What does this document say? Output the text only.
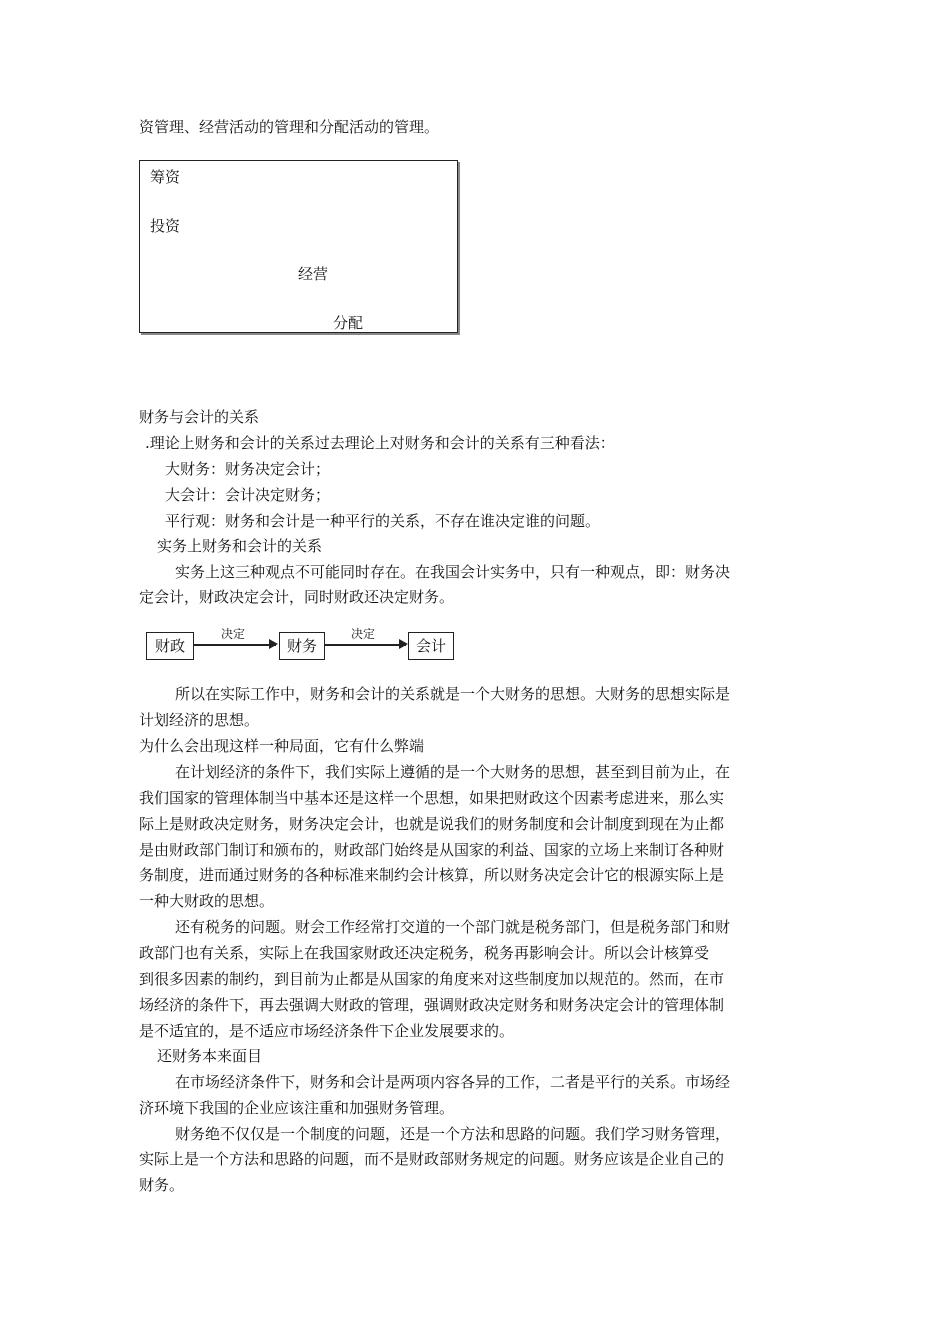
资管理、经营活动的管理和分配活动的管理。
筹资
投资
经营
分配
财务与会计的关系
.理论上财务和会计的关系过去理论上对财务和会计的关系有三种看法：
大财务：财务决定会计；
大会计：会计决定财务；
平行观：财务和会计是一种平行的关系，不存在谁决定谁的问题。
实务上财务和会计的关系
实务上这三种观点不可能同时存在。在我国会计实务中，只有一种观点，即：财务决
定会计，财政决定会计，同时财政还决定财务。
财政
决定
财务
决定
会计
所以在实际工作中，财务和会计的关系就是一个大财务的思想。大财务的思想实际是
计划经济的思想。
为什么会出现这样一种局面，它有什么弊端
在计划经济的条件下，我们实际上遵循的是一个大财务的思想，甚至到目前为止，在
我们国家的管理体制当中基本还是这样一个思想，如果把财政这个因素考虑进来，那么实
际上是财政决定财务，财务决定会计，也就是说我们的财务制度和会计制度到现在为止都
是由财政部门制订和颁布的，财政部门始终是从国家的利益、国家的立场上来制订各种财
务制度，进而通过财务的各种标准来制约会计核算，所以财务决定会计它的根源实际上是
一种大财政的思想。
还有税务的问题。财会工作经常打交道的一个部门就是税务部门，但是税务部门和财
政部门也有关系，实际上在我国家财政还决定税务，税务再影响会计。所以会计核算受
到很多因素的制约，到目前为止都是从国家的角度来对这些制度加以规范的。然而，在市
场经济的条件下，再去强调大财政的管理，强调财政决定财务和财务决定会计的管理体制
是不适宜的，是不适应市场经济条件下企业发展要求的。
还财务本来面目
在市场经济条件下，财务和会计是两项内容各异的工作，二者是平行的关系。市场经
济环境下我国的企业应该注重和加强财务管理。
财务绝不仅仅是一个制度的问题，还是一个方法和思路的问题。我们学习财务管理，
实际上是一个方法和思路的问题，而不是财政部财务规定的问题。财务应该是企业自己的
财务。
